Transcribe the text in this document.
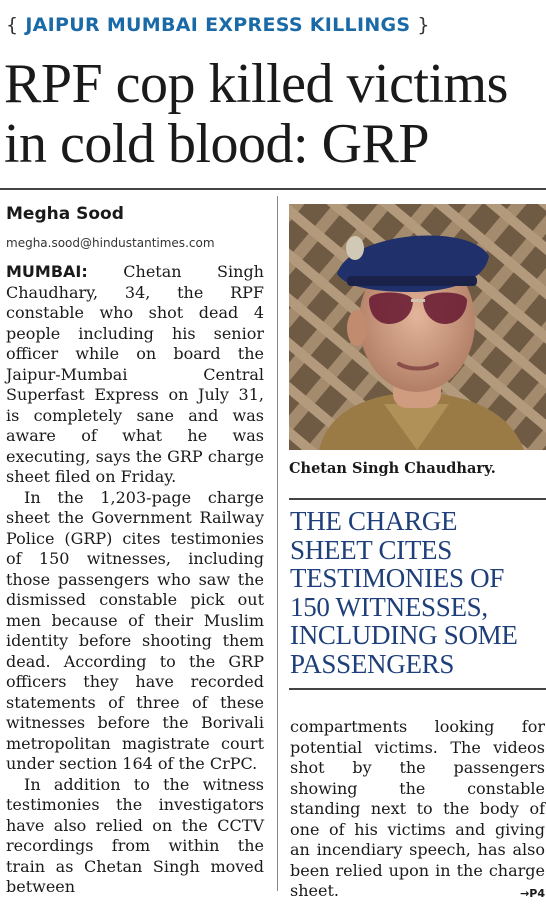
{ JAIPUR MUMBAI EXPRESS KILLINGS }
RPF cop killed victims
in cold blood: GRP
Megha Sood
megha.sood@hindustantimes.com

MUMBAI: Chetan Singh Chaudhary, 34, the RPF constable who shot dead 4 people including his senior officer while on board the Jaipur-Mumbai Central Superfast Express on July 31, is completely sane and was aware of what he was executing, says the GRP charge sheet filed on Friday.

In the 1,203-page charge sheet the Government Railway Police (GRP) cites testimonies of 150 witnesses, including those passengers who saw the dismissed constable pick out men because of their Muslim identity before shooting them dead. According to the GRP officers they have recorded statements of three of these witnesses before the Borivali metropolitan magistrate court under section 164 of the CrPC.

In addition to the witness testimonies the investigators have also relied on the CCTV recordings from within the train as Chetan Singh moved between

Chetan Singh Chaudhary.
THE CHARGE
SHEET CITES
TESTIMONIES OF
150 WITNESSES,
INCLUDING SOME
PASSENGERS

compartments looking for potential victims. The videos shot by the passengers showing the constable standing next to the body of one of his victims and giving an incendiary speech, has also been relied upon in the charge sheet.	→P4
